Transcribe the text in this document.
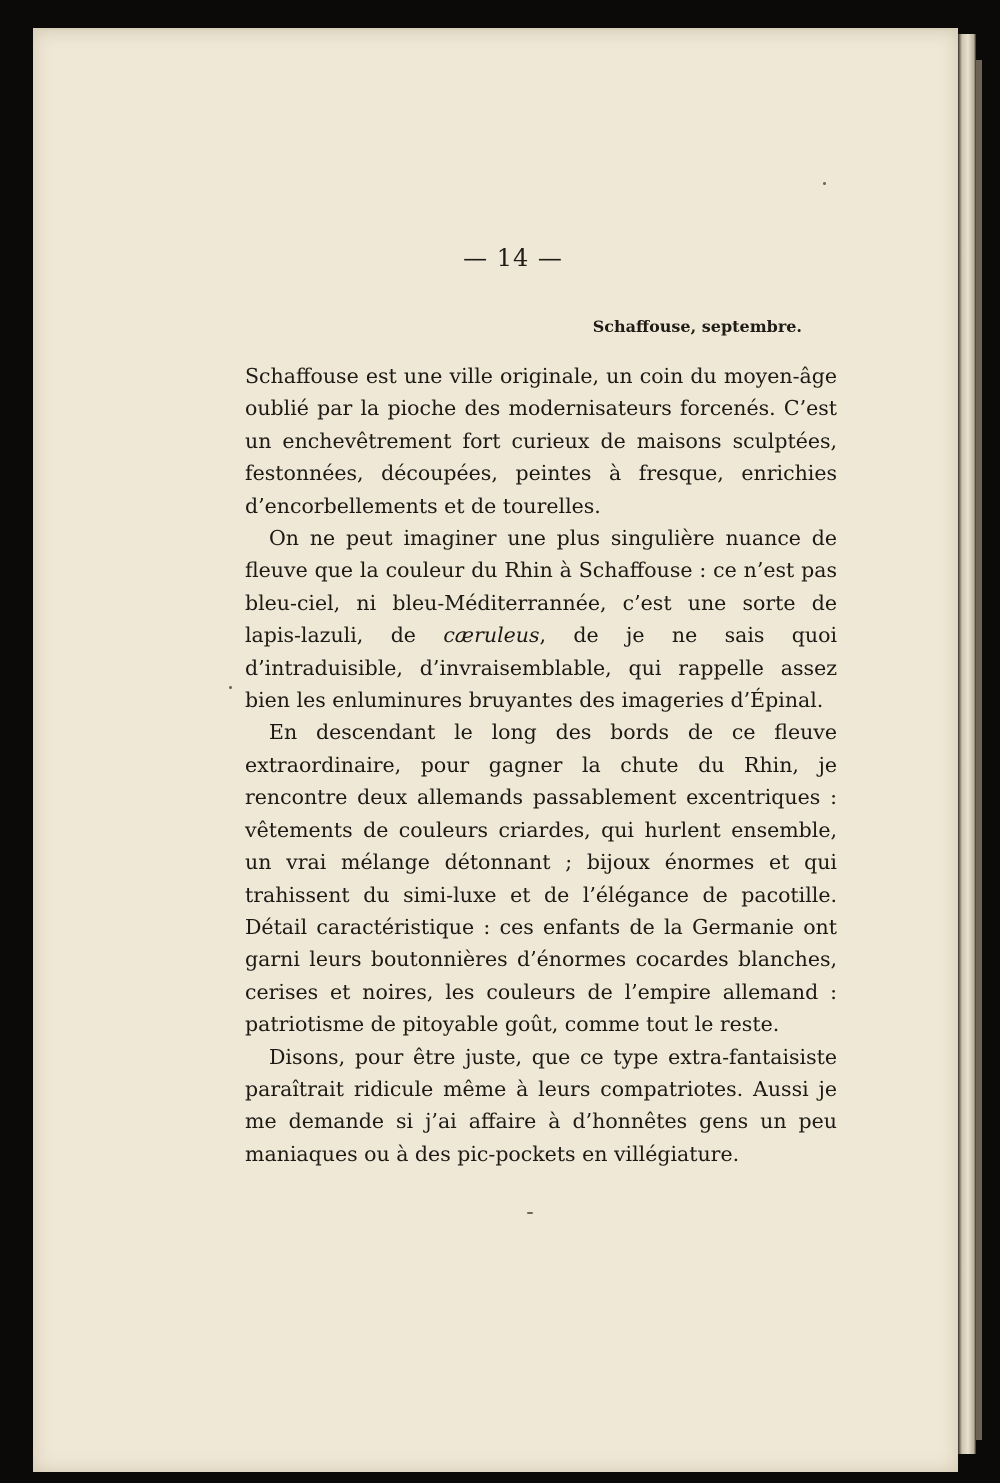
— 14 —
Schaffouse, septembre.

Schaffouse est une ville originale, un coin du moyen-âge oublié par la pioche des modernisateurs forcenés. C’est un enchevêtrement fort curieux de maisons sculptées, festonnées, découpées, peintes à fresque, enrichies d’encorbellements et de tourelles.

On ne peut imaginer une plus singulière nuance de fleuve que la couleur du Rhin à Schaffouse : ce n’est pas bleu-ciel, ni bleu-Méditerrannée, c’est une sorte de lapis-lazuli, de cæruleus, de je ne sais quoi d’intraduisible, d’invraisemblable, qui rappelle assez bien les enluminures bruyantes des imageries d’Épinal.

En descendant le long des bords de ce fleuve extraordinaire, pour gagner la chute du Rhin, je rencontre deux allemands passablement excentriques : vêtements de couleurs criardes, qui hurlent ensemble, un vrai mélange détonnant ; bijoux énormes et qui trahissent du simi-luxe et de l’élégance de pacotille. Détail caractéristique : ces enfants de la Germanie ont garni leurs boutonnières d’énormes cocardes blanches, cerises et noires, les couleurs de l’empire allemand : patriotisme de pitoyable goût, comme tout le reste.

Disons, pour être juste, que ce type extra-fantaisiste paraîtrait ridicule même à leurs compatriotes. Aussi je me demande si j’ai affaire à d’honnêtes gens un peu maniaques ou à des pic-pockets en villégiature.
